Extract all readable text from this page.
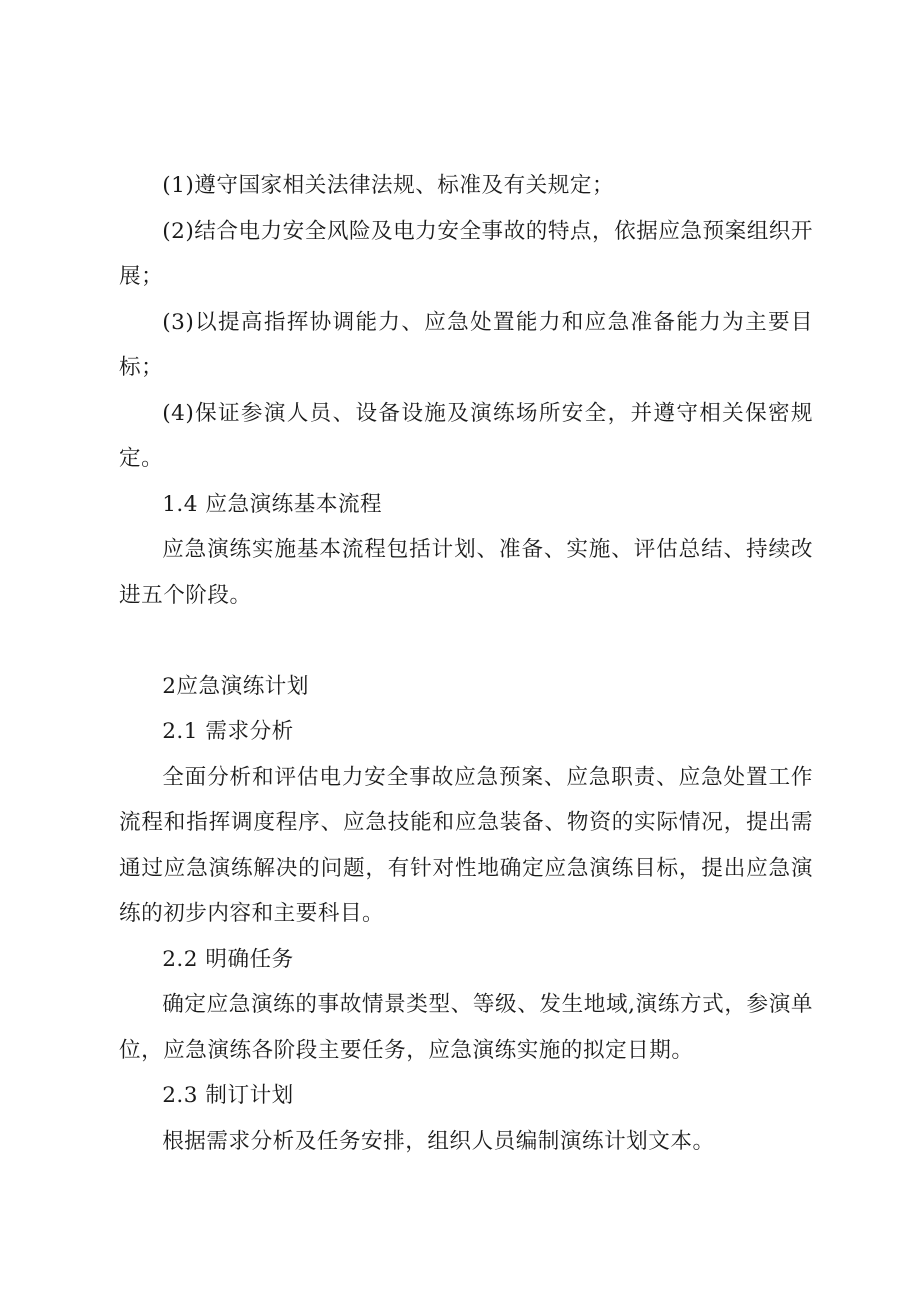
(1)遵守国家相关法律法规、标准及有关规定；

(2)结合电力安全风险及电力安全事故的特点，依据应急预案组织开展；

(3)以提高指挥协调能力、应急处置能力和应急准备能力为主要目标；

(4)保证参演人员、设备设施及演练场所安全，并遵守相关保密规定。

1.4 应急演练基本流程

应急演练实施基本流程包括计划、准备、实施、评估总结、持续改进五个阶段。

2应急演练计划

2.1 需求分析

全面分析和评估电力安全事故应急预案、应急职责、应急处置工作流程和指挥调度程序、应急技能和应急装备、物资的实际情况，提出需通过应急演练解决的问题，有针对性地确定应急演练目标，提出应急演练的初步内容和主要科目。

2.2 明确任务

确定应急演练的事故情景类型、等级、发生地域,演练方式，参演单位，应急演练各阶段主要任务，应急演练实施的拟定日期。

2.3 制订计划

根据需求分析及任务安排，组织人员编制演练计划文本。
